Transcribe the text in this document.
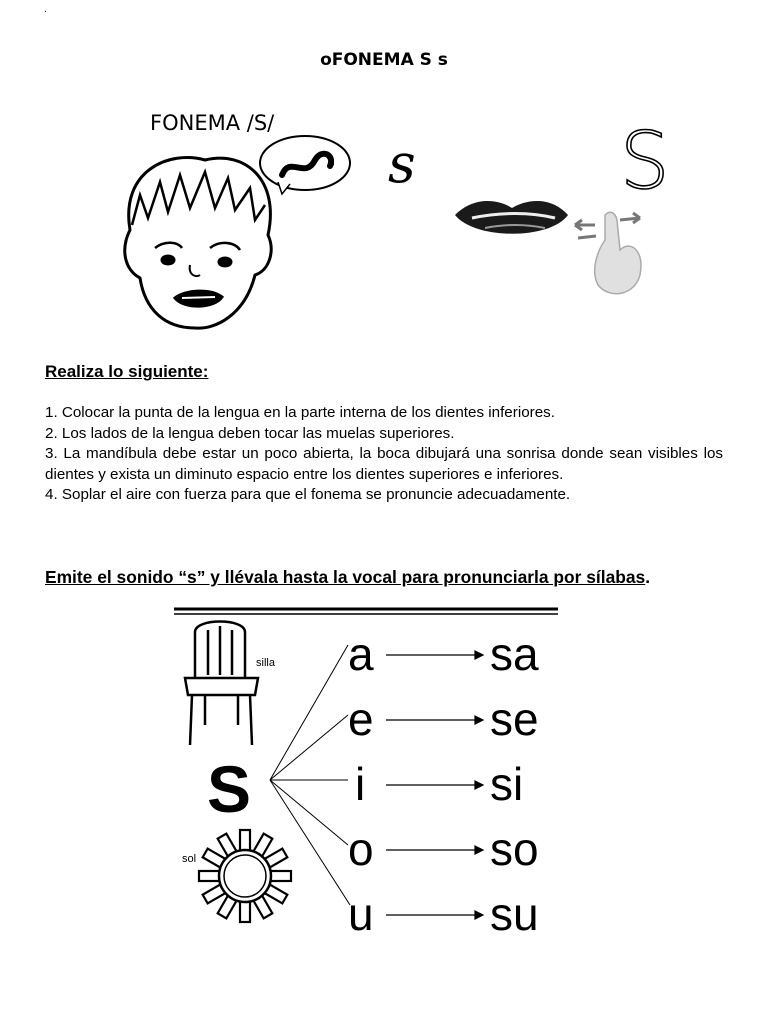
.
oFONEMA S s
FONEMA /S/
s	S
Realiza lo siguiente:
1. Colocar la punta de la lengua en la parte interna de los dientes inferiores.
2. Los lados de la lengua deben tocar las muelas superiores.
3. La mandíbula debe estar un poco abierta, la boca dibujará una sonrisa donde sean visibles los dientes y exista un diminuto espacio entre los dientes superiores e inferiores.
4. Soplar el aire con fuerza para que el fonema se pronuncie adecuadamente.
Emite el sonido “s” y llévala hasta la vocal para pronunciarla por sílabas.
silla
S
sol
a
e
i
o
u
sa
se
si
so
su
